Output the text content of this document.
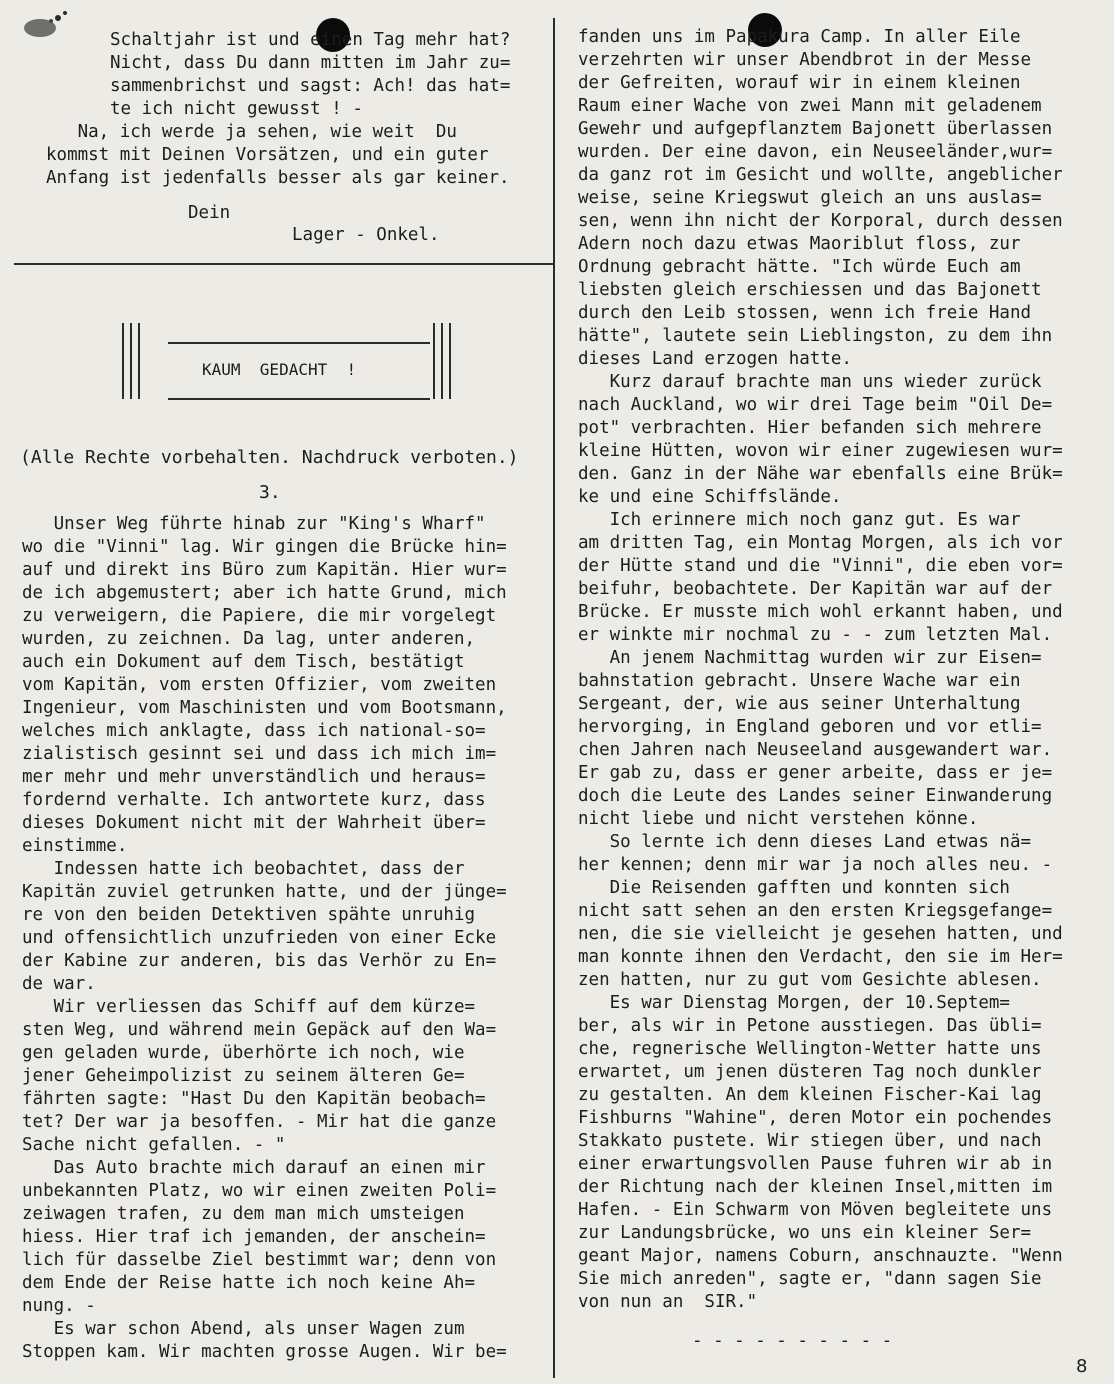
Schaltjahr ist und einen Tag mehr hat?
Nicht, dass Du dann mitten im Jahr zu=
sammenbrichst und sagst: Ach! das hat=
te ich nicht gewusst ! -
Na, ich werde ja sehen, wie weit  Du
kommst mit Deinen Vorsätzen, und ein guter
Anfang ist jedenfalls besser als gar keiner.
Dein
Lager - Onkel.
KAUM  GEDACHT  !
(Alle Rechte vorbehalten. Nachdruck verboten.)
3.
Unser Weg führte hinab zur "King's Wharf"
wo die "Vinni" lag. Wir gingen die Brücke hin=
auf und direkt ins Büro zum Kapitän. Hier wur=
de ich abgemustert; aber ich hatte Grund, mich
zu verweigern, die Papiere, die mir vorgelegt
wurden, zu zeichnen. Da lag, unter anderen,
auch ein Dokument auf dem Tisch, bestätigt
vom Kapitän, vom ersten Offizier, vom zweiten
Ingenieur, vom Maschinisten und vom Bootsmann,
welches mich anklagte, dass ich national-so=
zialistisch gesinnt sei und dass ich mich im=
mer mehr und mehr unverständlich und heraus=
fordernd verhalte. Ich antwortete kurz, dass
dieses Dokument nicht mit der Wahrheit über=
einstimme.
Indessen hatte ich beobachtet, dass der
Kapitän zuviel getrunken hatte, und der jünge=
re von den beiden Detektiven spähte unruhig
und offensichtlich unzufrieden von einer Ecke
der Kabine zur anderen, bis das Verhör zu En=
de war.
Wir verliessen das Schiff auf dem kürze=
sten Weg, und während mein Gepäck auf den Wa=
gen geladen wurde, überhörte ich noch, wie
jener Geheimpolizist zu seinem älteren Ge=
fährten sagte: "Hast Du den Kapitän beobach=
tet? Der war ja besoffen. - Mir hat die ganze
Sache nicht gefallen. - "
Das Auto brachte mich darauf an einen mir
unbekannten Platz, wo wir einen zweiten Poli=
zeiwagen trafen, zu dem man mich umsteigen
hiess. Hier traf ich jemanden, der anschein=
lich für dasselbe Ziel bestimmt war; denn von
dem Ende der Reise hatte ich noch keine Ah=
nung. -
Es war schon Abend, als unser Wagen zum
Stoppen kam. Wir machten grosse Augen. Wir be=
fanden uns im Papakura Camp. In aller Eile
verzehrten wir unser Abendbrot in der Messe
der Gefreiten, worauf wir in einem kleinen
Raum einer Wache von zwei Mann mit geladenem
Gewehr und aufgepflanztem Bajonett überlassen
wurden. Der eine davon, ein Neuseeländer,wur=
da ganz rot im Gesicht und wollte, angeblicher
weise, seine Kriegswut gleich an uns auslas=
sen, wenn ihn nicht der Korporal, durch dessen
Adern noch dazu etwas Maoriblut floss, zur
Ordnung gebracht hätte. "Ich würde Euch am
liebsten gleich erschiessen und das Bajonett
durch den Leib stossen, wenn ich freie Hand
hätte", lautete sein Lieblingston, zu dem ihn
dieses Land erzogen hatte.
Kurz darauf brachte man uns wieder zurück
nach Auckland, wo wir drei Tage beim "Oil De=
pot" verbrachten. Hier befanden sich mehrere
kleine Hütten, wovon wir einer zugewiesen wur=
den. Ganz in der Nähe war ebenfalls eine Brük=
ke und eine Schiffslände.
Ich erinnere mich noch ganz gut. Es war
am dritten Tag, ein Montag Morgen, als ich vor
der Hütte stand und die "Vinni", die eben vor=
beifuhr, beobachtete. Der Kapitän war auf der
Brücke. Er musste mich wohl erkannt haben, und
er winkte mir nochmal zu - - zum letzten Mal.
An jenem Nachmittag wurden wir zur Eisen=
bahnstation gebracht. Unsere Wache war ein
Sergeant, der, wie aus seiner Unterhaltung
hervorging, in England geboren und vor etli=
chen Jahren nach Neuseeland ausgewandert war.
Er gab zu, dass er gener arbeite, dass er je=
doch die Leute des Landes seiner Einwanderung
nicht liebe und nicht verstehen könne.
So lernte ich denn dieses Land etwas nä=
her kennen; denn mir war ja noch alles neu. -
Die Reisenden gafften und konnten sich
nicht satt sehen an den ersten Kriegsgefange=
nen, die sie vielleicht je gesehen hatten, und
man konnte ihnen den Verdacht, den sie im Her=
zen hatten, nur zu gut vom Gesichte ablesen.
Es war Dienstag Morgen, der 10.Septem=
ber, als wir in Petone ausstiegen. Das übli=
che, regnerische Wellington-Wetter hatte uns
erwartet, um jenen düsteren Tag noch dunkler
zu gestalten. An dem kleinen Fischer-Kai lag
Fishburns "Wahine", deren Motor ein pochendes
Stakkato pustete. Wir stiegen über, und nach
einer erwartungsvollen Pause fuhren wir ab in
der Richtung nach der kleinen Insel,mitten im
Hafen. - Ein Schwarm von Möven begleitete uns
zur Landungsbrücke, wo uns ein kleiner Ser=
geant Major, namens Coburn, anschnauzte. "Wenn
Sie mich anreden", sagte er, "dann sagen Sie
von nun an  SIR."
- - - - - - - - - -
8
